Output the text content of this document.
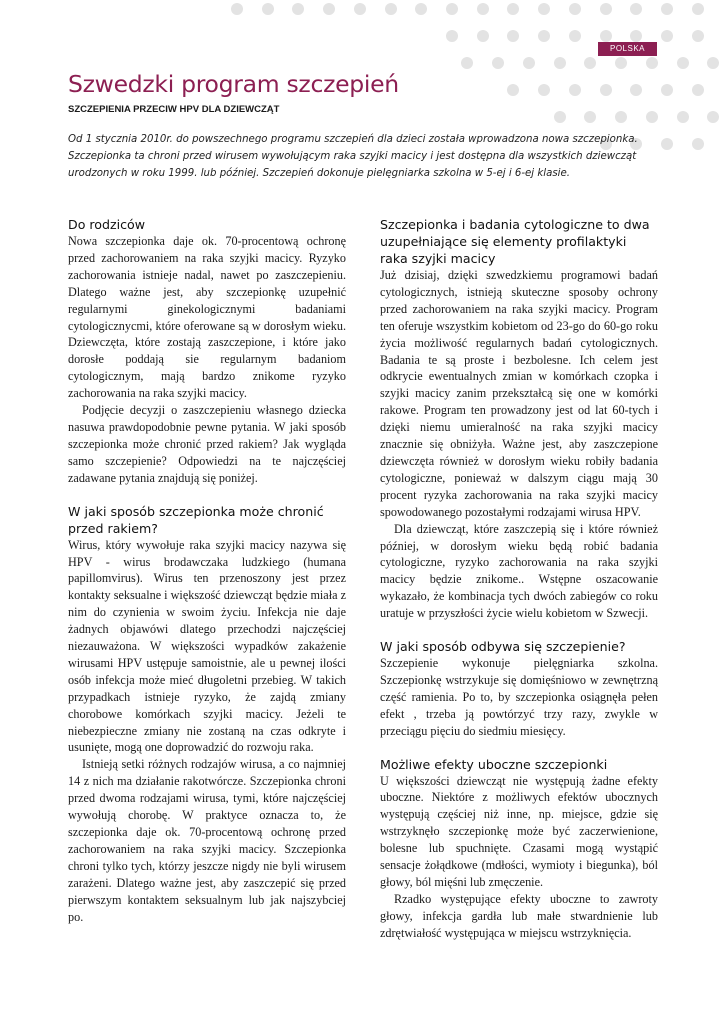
POLSKA
Szwedzki program szczepień
SZCZEPIENIA PRZECIW HPV DLA DZIEWCZĄT

Od 1 stycznia 2010r. do powszechnego programu szczepień dla dzieci została wprowadzona nowa szczepionka. Szczepionka ta chroni przed wirusem wywołującym raka szyjki macicy i jest dostępna dla wszystkich dziewcząt urodzonych w roku 1999. lub później. Szczepień dokonuje pielęgniarka szkolna w 5-ej i 6-ej klasie.

Do rodziców

Nowa szczepionka daje ok. 70-procentową ochronę przed zachorowaniem na raka szyjki macicy. Ryzyko zachorowania istnieje nadal, nawet po zaszczepieniu. Dlatego ważne jest, aby szczepionkę uzupełnić regularnymi ginekologicznymi badaniami cytologicznycmi, które oferowane są w dorosłym wieku. Dziewczęta, które zostają zaszczepione, i które jako dorosłe poddają sie regularnym badaniom cytologicznym, mają bardzo znikome ryzyko zachorowania na raka szyjki macicy.

Podjęcie decyzji o zaszczepieniu własnego dziecka nasuwa prawdopodobnie pewne pytania. W jaki sposób szczepionka może chronić przed rakiem? Jak wygląda samo szczepienie? Odpowiedzi na te najczęściej zadawane pytania znajdują się poniżej.

W jaki sposób szczepionka może chronić przed rakiem?

Wirus, który wywołuje raka szyjki macicy nazywa się HPV - wirus brodawczaka ludzkiego (humana papillomvirus). Wirus ten przenoszony jest przez kontakty seksualne i większość dziewcząt będzie miała z nim do czynienia w swoim życiu. Infekcja nie daje żadnych objawówi dlatego przechodzi najczęściej niezauważona. W większości wypadków zakażenie wirusami HPV ustępuje samoistnie, ale u pewnej ilości osób infekcja może mieć długoletni przebieg. W takich przypadkach istnieje ryzyko, że zajdą zmiany chorobowe komórkach szyjki macicy. Jeżeli te niebezpieczne zmiany nie zostaną na czas odkryte i usunięte, mogą one doprowadzić do rozwoju raka.

Istnieją setki różnych rodzajów wirusa, a co najmniej 14 z nich ma działanie rakotwórcze. Szczepionka chroni przed dwoma rodzajami wirusa, tymi, które najczęściej wywołują chorobę. W praktyce oznacza to, że szczepionka daje ok. 70-procentową ochronę przed zachorowaniem na raka szyjki macicy. Szczepionka chroni tylko tych, którzy jeszcze nigdy nie byli wirusem zarażeni. Dlatego ważne jest, aby zaszczepić się przed pierwszym kontaktem seksualnym lub jak najszybciej po.

Szczepionka i badania cytologiczne to dwa uzupełniające się elementy profilaktyki raka szyjki macicy

Już dzisiaj, dzięki szwedzkiemu programowi badań cytologicznych, istnieją skuteczne sposoby ochrony przed zachorowaniem na raka szyjki macicy. Program ten oferuje wszystkim kobietom od 23-go do 60-go roku życia możliwość regularnych badań cytologicznych. Badania te są proste i bezbolesne. Ich celem jest odkrycie ewentualnych zmian w komórkach czopka i szyjki macicy zanim przekształcą się one w komórki rakowe. Program ten prowadzony jest od lat 60-tych i dzięki niemu umieralność na raka szyjki macicy znacznie się obniżyła. Ważne jest, aby zaszczepione dziewczęta również w dorosłym wieku robiły badania cytologiczne, ponieważ w dalszym ciągu mają 30 procent ryzyka zachorowania na raka szyjki macicy spowodowanego pozostałymi rodzajami wirusa HPV.

Dla dziewcząt, które zaszczepią się i które również później, w dorosłym wieku będą robić badania cytologiczne, ryzyko zachorowania na raka szyjki macicy będzie znikome.. Wstępne oszacowanie wykazało, że kombinacja tych dwóch zabiegów co roku uratuje w przyszłości życie wielu kobietom w Szwecji.

W jaki sposób odbywa się szczepienie?

Szczepienie wykonuje pielęgniarka szkolna. Szczepionkę wstrzykuje się domięśniowo w zewnętrzną część ramienia. Po to, by szczepionka osiągnęła pełen efekt , trzeba ją powtórzyć trzy razy, zwykle w przeciągu pięciu do siedmiu miesięcy.

Możliwe efekty uboczne szczepionki

U większości dziewcząt nie występują żadne efekty uboczne. Niektóre z możliwych efektów ubocznych występują częściej niż inne, np. miejsce, gdzie się wstrzyknęło szczepionkę może być zaczerwienione, bolesne lub spuchnięte. Czasami mogą wystąpić sensacje żołądkowe (mdłości, wymioty i biegunka), ból głowy, ból mięśni lub zmęczenie.

Rzadko występujące efekty uboczne to zawroty głowy, infekcja gardła lub małe stwardnienie lub zdrętwiałość występująca w miejscu wstrzyknięcia.
